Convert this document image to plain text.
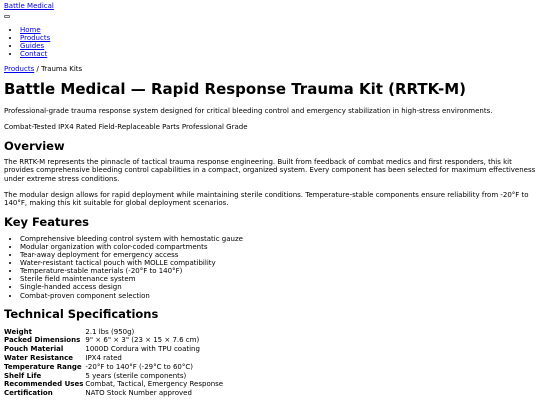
Battle Medical
• Home
• Products
• Guides
• Contact
Products / Trauma Kits
Battle Medical — Rapid Response Trauma Kit (RRTK-M)

Professional-grade trauma response system designed for critical bleeding control and emergency stabilization in high-stress environments.

Combat-Tested IPX4 Rated Field-Replaceable Parts Professional Grade

Overview

The RRTK-M represents the pinnacle of tactical trauma response engineering. Built from feedback of combat medics and first responders, this kit provides comprehensive bleeding control capabilities in a compact, organized system. Every component has been selected for maximum effectiveness under extreme stress conditions.

The modular design allows for rapid deployment while maintaining sterile conditions. Temperature-stable components ensure reliability from -20°F to 140°F, making this kit suitable for global deployment scenarios.

Key Features
• Comprehensive bleeding control system with hemostatic gauze
• Modular organization with color-coded compartments
• Tear-away deployment for emergency access
• Water-resistant tactical pouch with MOLLE compatibility
• Temperature-stable materials (-20°F to 140°F)
• Sterile field maintenance system
• Single-handed access design
• Combat-proven component selection
Technical Specifications
Weight	2.1 lbs (950g)
Packed Dimensions	9" × 6" × 3" (23 × 15 × 7.6 cm)
Pouch Material	1000D Cordura with TPU coating
Water Resistance	IPX4 rated
Temperature Range	-20°F to 140°F (-29°C to 60°C)
Shelf Life	5 years (sterile components)
Recommended Uses	Combat, Tactical, Emergency Response
Certification	NATO Stock Number approved
